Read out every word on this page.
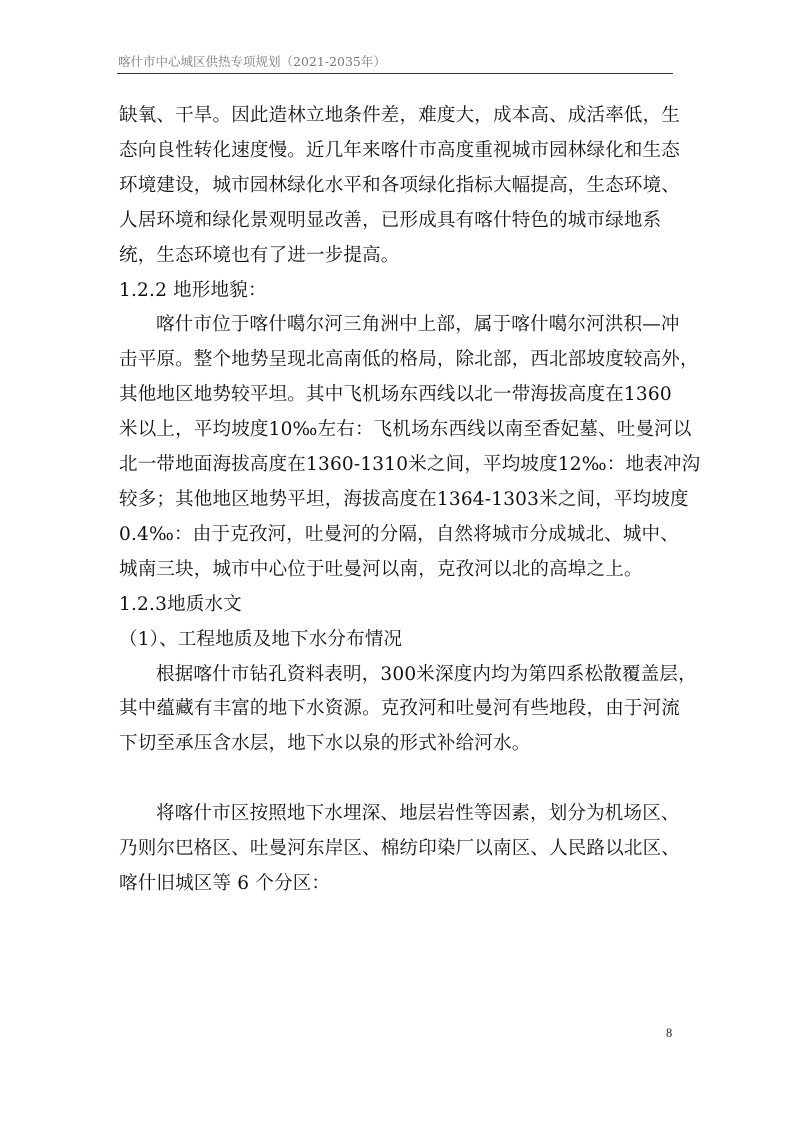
喀什市中心城区供热专项规划（2021-2035年）

缺氧、干旱。因此造林立地条件差，难度大，成本高、成活率低，生

态向良性转化速度慢。近几年来喀什市高度重视城市园林绿化和生态

环境建设，城市园林绿化水平和各项绿化指标大幅提高，生态环境、

人居环境和绿化景观明显改善，已形成具有喀什特色的城市绿地系

统，生态环境也有了进一步提高。

1.2.2 地形地貌：

喀什市位于喀什噶尔河三角洲中上部，属于喀什噶尔河洪积—冲

击平原。整个地势呈现北高南低的格局，除北部，西北部坡度较高外，

其他地区地势较平坦。其中飞机场东西线以北一带海拔高度在1360

米以上，平均坡度10‰左右：飞机场东西线以南至香妃墓、吐曼河以

北一带地面海拔高度在1360-1310米之间，平均坡度12‰：地表冲沟

较多；其他地区地势平坦，海拔高度在1364-1303米之间，平均坡度

0.4‰：由于克孜河，吐曼河的分隔，自然将城市分成城北、城中、

城南三块，城市中心位于吐曼河以南，克孜河以北的高埠之上。

1.2.3地质水文

（1）、工程地质及地下水分布情况

根据喀什市钻孔资料表明，300米深度内均为第四系松散覆盖层，

其中蕴藏有丰富的地下水资源。克孜河和吐曼河有些地段，由于河流

下切至承压含水层，地下水以泉的形式补给河水。

将喀什市区按照地下水埋深、地层岩性等因素，划分为机场区、

乃则尔巴格区、吐曼河东岸区、棉纺印染厂以南区、人民路以北区、

喀什旧城区等 6 个分区：

8
